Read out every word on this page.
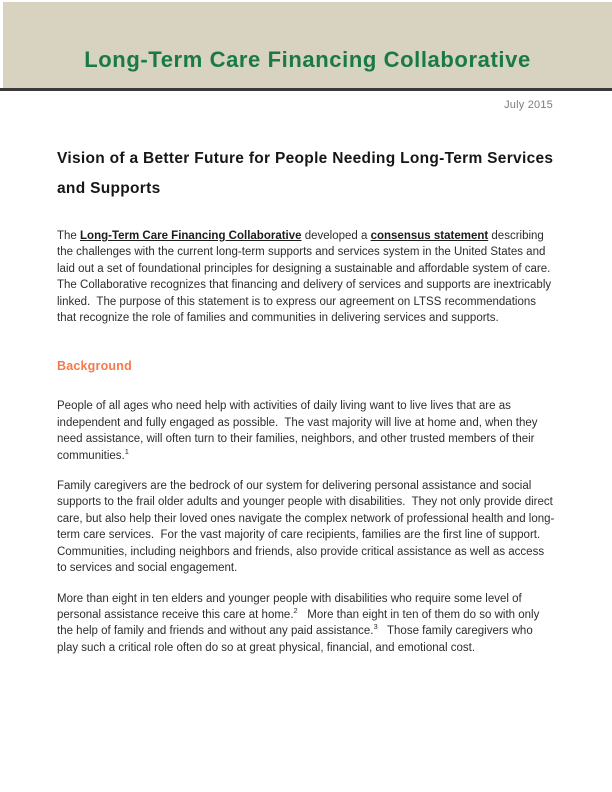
Long-Term Care Financing Collaborative
July 2015
Vision of a Better Future for People Needing Long-Term Services and Supports

The Long-Term Care Financing Collaborative developed a consensus statement describing the challenges with the current long-term supports and services system in the United States and laid out a set of foundational principles for designing a sustainable and affordable system of care.  The Collaborative recognizes that financing and delivery of services and supports are inextricably linked.  The purpose of this statement is to express our agreement on LTSS recommendations that recognize the role of families and communities in delivering services and supports.

Background

People of all ages who need help with activities of daily living want to live lives that are as independent and fully engaged as possible.  The vast majority will live at home and, when they need assistance, will often turn to their families, neighbors, and other trusted members of their communities.$^1$

Family caregivers are the bedrock of our system for delivering personal assistance and social supports to the frail older adults and younger people with disabilities.  They not only provide direct care, but also help their loved ones navigate the complex network of professional health and long-term care services.  For the vast majority of care recipients, families are the first line of support.  Communities, including neighbors and friends, also provide critical assistance as well as access to services and social engagement.

More than eight in ten elders and younger people with disabilities who require some level of personal assistance receive this care at home.$^2$   More than eight in ten of them do so with only the help of family and friends and without any paid assistance.$^3$   Those family caregivers who play such a critical role often do so at great physical, financial, and emotional cost.
